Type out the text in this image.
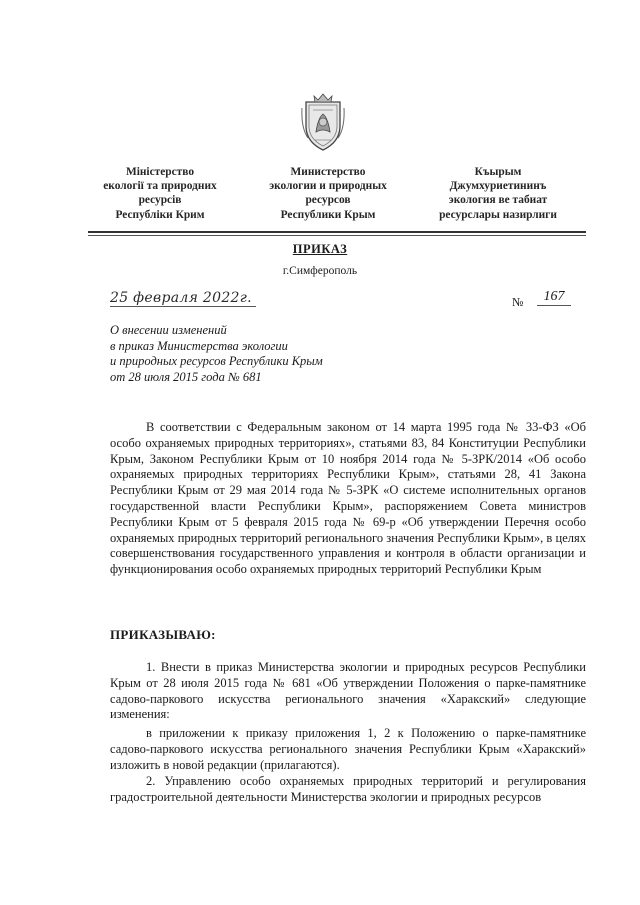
Міністерство
екології та природних
ресурсів
Республіки Крим
Министерство
экологии и природных
ресурсов
Республики Крым
Къырым
Джумхуриетининъ
экология ве табиат
ресурслары назирлиги
ПРИКАЗ
г.Симферополь
25 февраля 2022г.	№	167
О внесении изменений
в приказ Министерства экологии
и природных ресурсов Республики Крым
от 28 июля 2015 года № 681

В соответствии с Федеральным законом от 14 марта 1995 года № 33-ФЗ «Об особо охраняемых природных территориях», статьями 83, 84 Конституции Республики Крым, Законом Республики Крым от 10 ноября 2014 года № 5-ЗРК/2014 «Об особо охраняемых природных территориях Республики Крым», статьями 28, 41 Закона Республики Крым от 29 мая 2014 года № 5-ЗРК «О системе исполнительных органов государственной власти Республики Крым», распоряжением Совета министров Республики Крым от 5 февраля 2015 года № 69-р «Об утверждении Перечня особо охраняемых природных территорий регионального значения Республики Крым», в целях совершенствования государственного управления и контроля в области организации и функционирования особо охраняемых природных территорий Республики Крым

ПРИКАЗЫВАЮ:

1. Внести в приказ Министерства экологии и природных ресурсов Республики Крым от 28 июля 2015 года № 681 «Об утверждении Положения о парке-памятнике садово-паркового искусства регионального значения «Харакский» следующие изменения:

в приложении к приказу приложения 1, 2 к Положению о парке-памятнике садово-паркового искусства регионального значения Республики Крым «Харакский» изложить в новой редакции (прилагаются).

2. Управлению особо охраняемых природных территорий и регулирования градостроительной деятельности Министерства экологии и природных ресурсов
